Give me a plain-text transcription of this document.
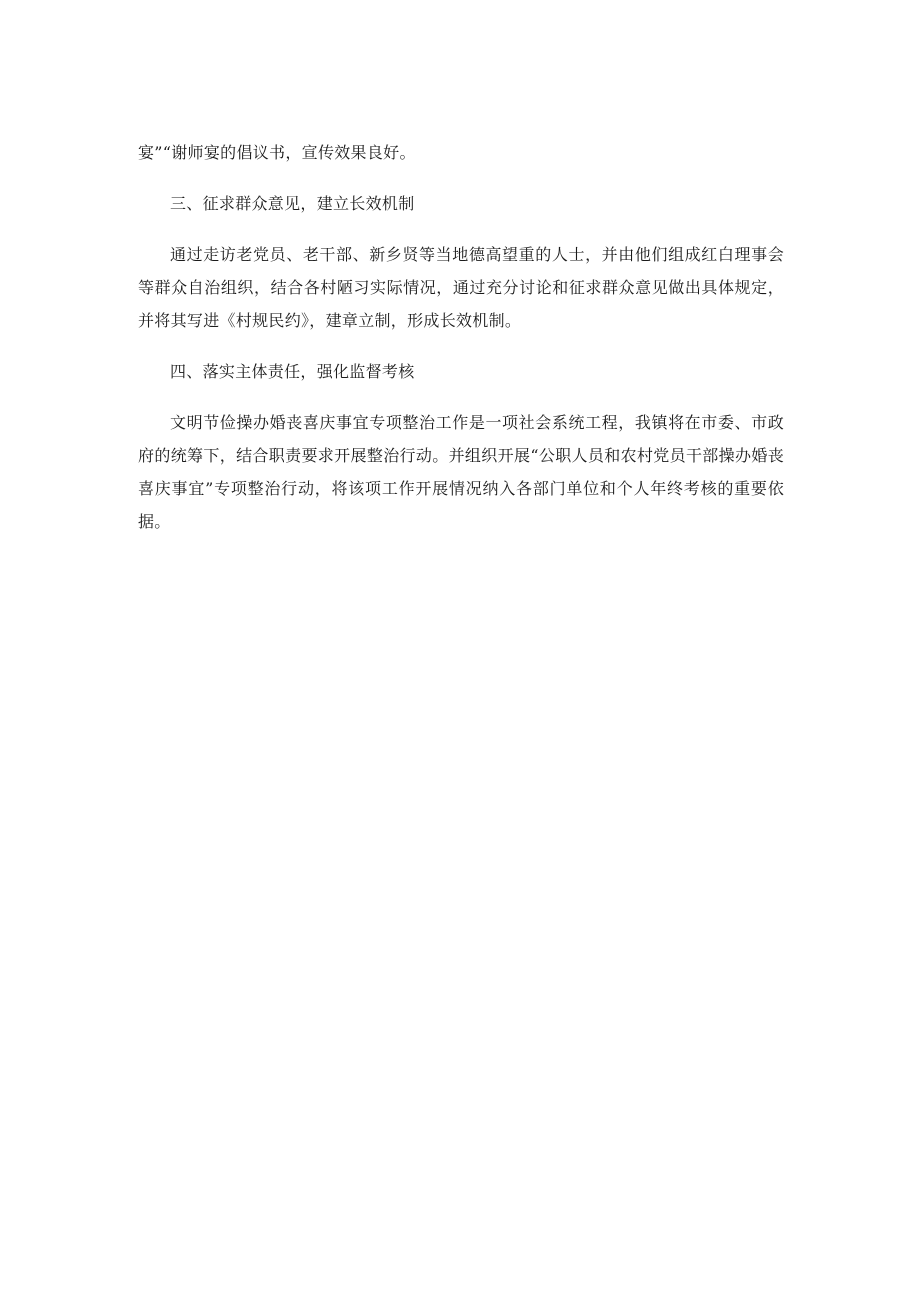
宴”“谢师宴的倡议书，宣传效果良好。

三、征求群众意见，建立长效机制

通过走访老党员、老干部、新乡贤等当地德高望重的人士，并由他们组成红白理事会等群众自治组织，结合各村陋习实际情况，通过充分讨论和征求群众意见做出具体规定，并将其写进《村规民约》，建章立制，形成长效机制。

四、落实主体责任，强化监督考核

文明节俭操办婚丧喜庆事宜专项整治工作是一项社会系统工程，我镇将在市委、市政府的统筹下，结合职责要求开展整治行动。并组织开展“公职人员和农村党员干部操办婚丧喜庆事宜”专项整治行动，将该项工作开展情况纳入各部门单位和个人年终考核的重要依据。
